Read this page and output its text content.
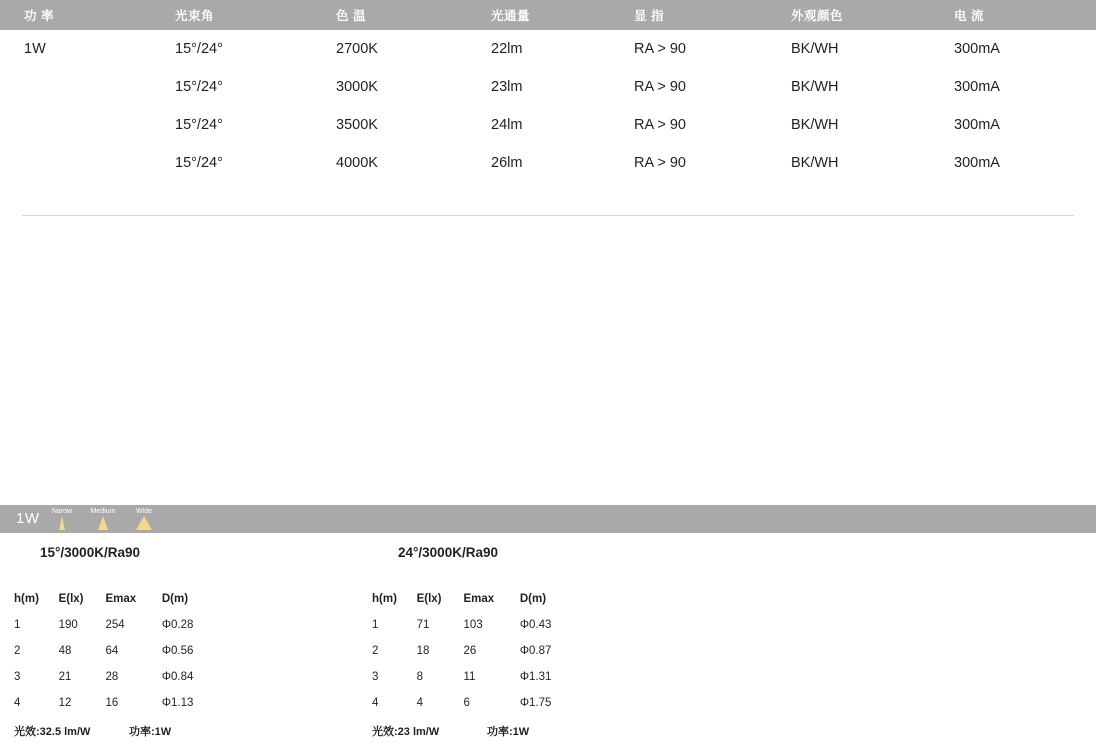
功 率	光束角	色 温	光通量	显 指	外观颜色	电 流
1W	15°/24°	2700K	22lm	RA > 90	BK/WH	300mA
	15°/24°	3000K	23lm	RA > 90	BK/WH	300mA
	15°/24°	3500K	24lm	RA > 90	BK/WH	300mA
	15°/24°	4000K	26lm	RA > 90	BK/WH	300mA
1W	Narow	Medium	Wide
15°/3000K/Ra90
h(m)	E(lx)	Emax	D(m)
1	190	254	Φ0.28
2	48	64	Φ0.56
3	21	28	Φ0.84
4	12	16	Φ1.13
光效:32.5 lm/W	功率:1W
24°/3000K/Ra90
h(m)	E(lx)	Emax	D(m)
1	71	103	Φ0.43
2	18	26	Φ0.87
3	8	11	Φ1.31
4	4	6	Φ1.75
光效:23 lm/W	功率:1W
